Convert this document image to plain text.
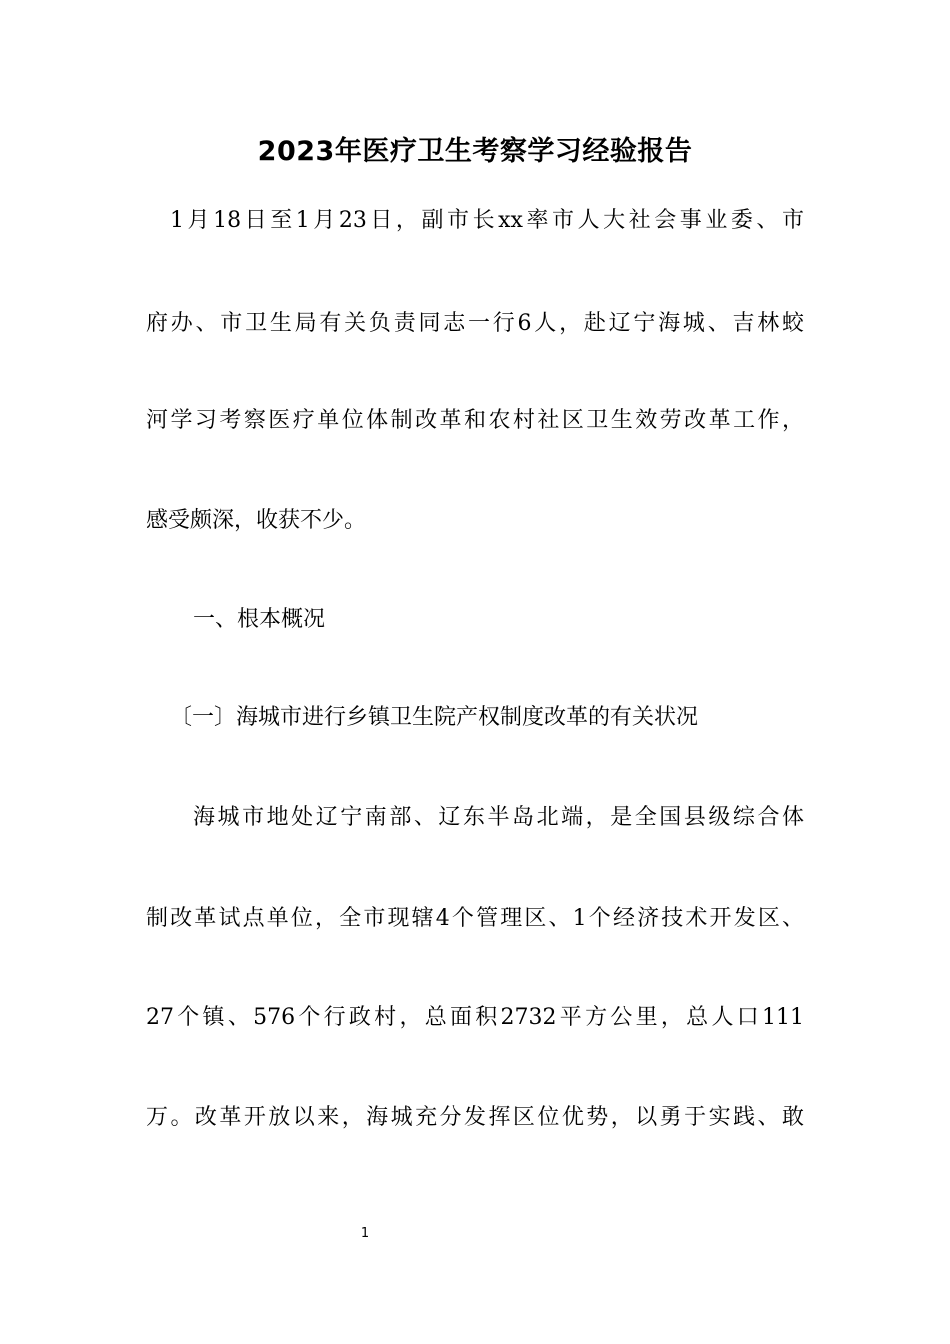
2023年医疗卫生考察学习经验报告
1月18日至1月23日，副市长xx率市人大社会事业委、市
府办、市卫生局有关负责同志一行6人，赴辽宁海城、吉林蛟
河学习考察医疗单位体制改革和农村社区卫生效劳改革工作，
感受颇深，收获不少。
一、根本概况
〔一〕海城市进行乡镇卫生院产权制度改革的有关状况
海城市地处辽宁南部、辽东半岛北端，是全国县级综合体
制改革试点单位，全市现辖4个管理区、1个经济技术开发区、
27个镇、576个行政村，总面积2732平方公里，总人口111
万。改革开放以来，海城充分发挥区位优势，以勇于实践、敢
1
